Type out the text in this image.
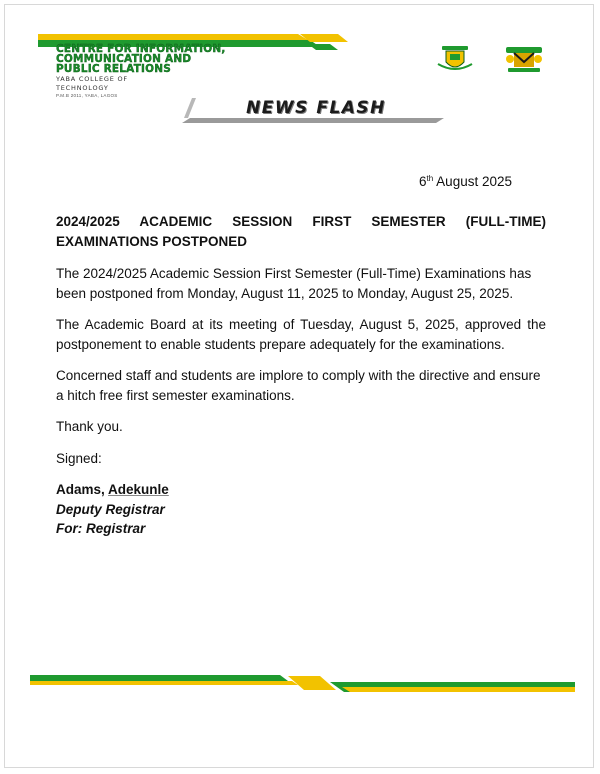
CENTRE FOR INFORMATION,
COMMUNICATION AND
PUBLIC RELATIONS
YABA COLLEGE OF
TECHNOLOGY
P.M.B 2011, YABA, LAGOS
NEWS FLASH
6th August 2025

2024/2025 ACADEMIC SESSION FIRST SEMESTER (FULL-TIME)
EXAMINATIONS POSTPONED

The 2024/2025 Academic Session First Semester (Full-Time) Examinations has been postponed from Monday, August 11, 2025 to Monday, August 25, 2025.

The Academic Board at its meeting of Tuesday, August 5, 2025, approved the postponement to enable students prepare adequately for the examinations.

Concerned staff and students are implore to comply with the directive and ensure a hitch free first semester examinations.

Thank you.

Signed:

Adams, Adekunle

Deputy Registrar

For: Registrar
